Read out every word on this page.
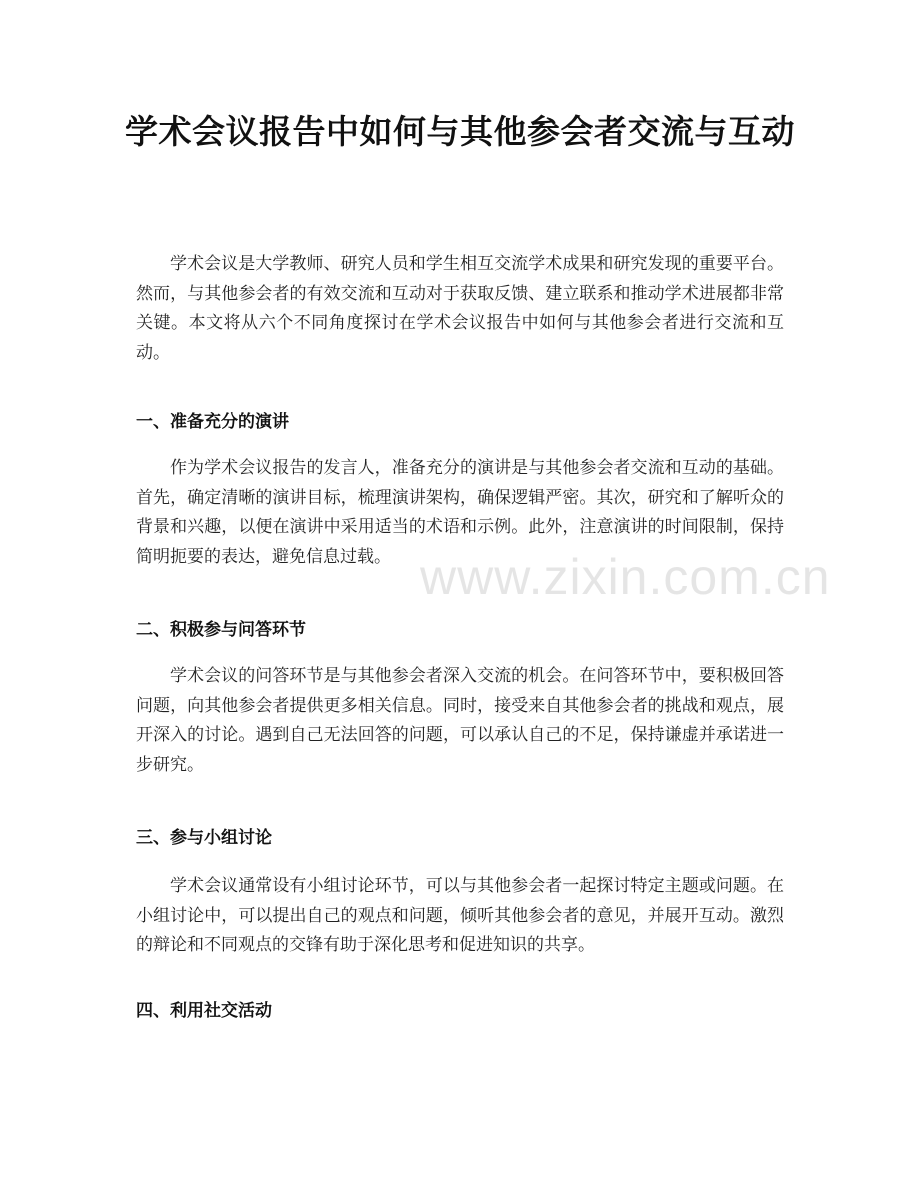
学术会议报告中如何与其他参会者交流与互动

学术会议是大学教师、研究人员和学生相互交流学术成果和研究发现的重要平台。然而，与其他参会者的有效交流和互动对于获取反馈、建立联系和推动学术进展都非常关键。本文将从六个不同角度探讨在学术会议报告中如何与其他参会者进行交流和互动。

一、准备充分的演讲

作为学术会议报告的发言人，准备充分的演讲是与其他参会者交流和互动的基础。首先，确定清晰的演讲目标，梳理演讲架构，确保逻辑严密。其次，研究和了解听众的背景和兴趣，以便在演讲中采用适当的术语和示例。此外，注意演讲的时间限制，保持简明扼要的表达，避免信息过载。

二、积极参与问答环节

学术会议的问答环节是与其他参会者深入交流的机会。在问答环节中，要积极回答问题，向其他参会者提供更多相关信息。同时，接受来自其他参会者的挑战和观点，展开深入的讨论。遇到自己无法回答的问题，可以承认自己的不足，保持谦虚并承诺进一步研究。

三、参与小组讨论

学术会议通常设有小组讨论环节，可以与其他参会者一起探讨特定主题或问题。在小组讨论中，可以提出自己的观点和问题，倾听其他参会者的意见，并展开互动。激烈的辩论和不同观点的交锋有助于深化思考和促进知识的共享。

四、利用社交活动
www.zixin.com.cn
